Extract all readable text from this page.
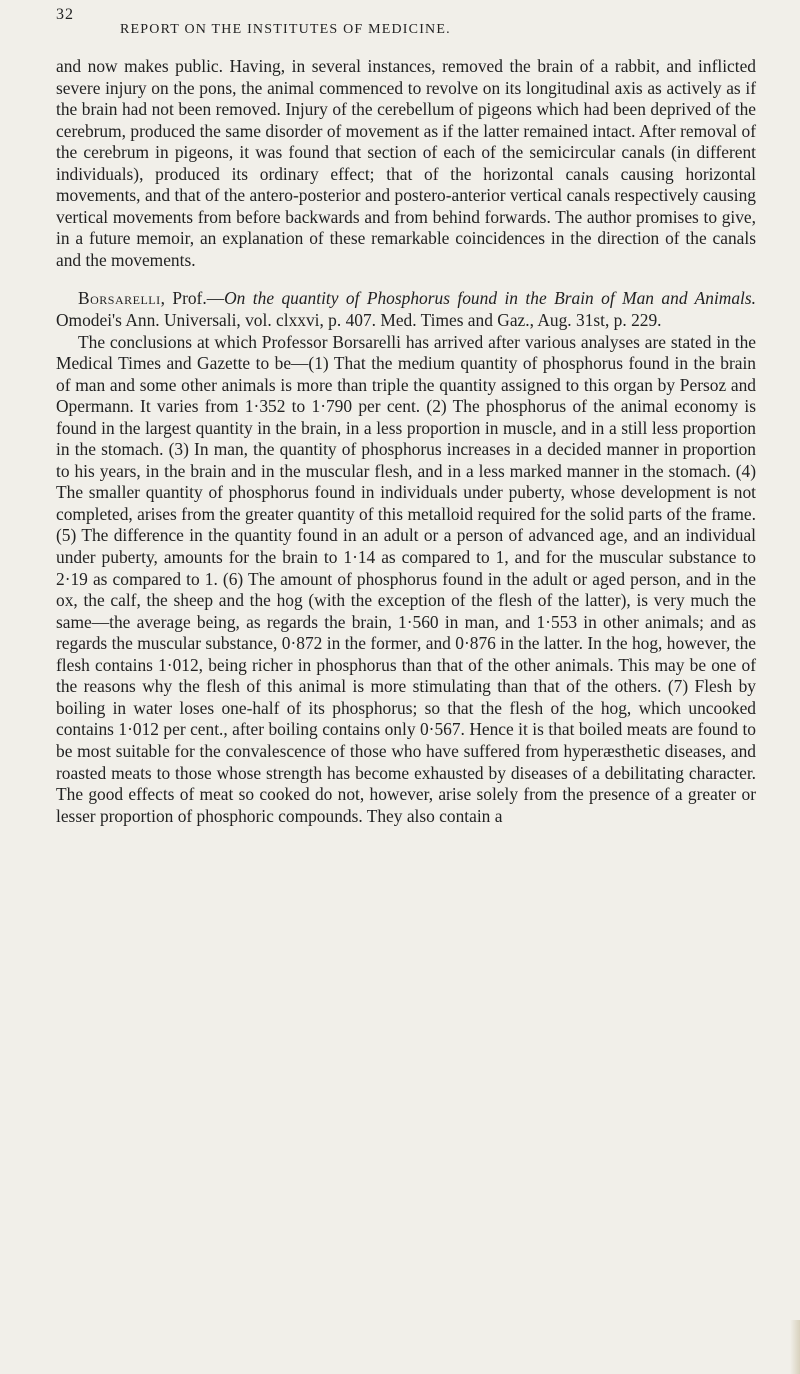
32
REPORT ON THE INSTITUTES OF MEDICINE.

and now makes public. Having, in several instances, removed the brain of a rabbit, and inflicted severe injury on the pons, the animal commenced to revolve on its longitudinal axis as actively as if the brain had not been removed. Injury of the cerebellum of pigeons which had been deprived of the cerebrum, produced the same disorder of movement as if the latter remained intact. After removal of the cerebrum in pigeons, it was found that section of each of the semicircular canals (in different individuals), produced its ordinary effect; that of the horizontal canals causing horizontal movements, and that of the antero-posterior and postero-anterior vertical canals respectively causing vertical movements from before backwards and from behind forwards. The author promises to give, in a future memoir, an explanation of these remarkable coincidences in the direction of the canals and the movements.

Borsarelli, Prof.—On the quantity of Phosphorus found in the Brain of Man and Animals. Omodei's Ann. Universali, vol. clxxvi, p. 407. Med. Times and Gaz., Aug. 31st, p. 229.

The conclusions at which Professor Borsarelli has arrived after various analyses are stated in the Medical Times and Gazette to be—(1) That the medium quantity of phosphorus found in the brain of man and some other animals is more than triple the quantity assigned to this organ by Persoz and Opermann. It varies from 1·352 to 1·790 per cent. (2) The phosphorus of the animal economy is found in the largest quantity in the brain, in a less proportion in muscle, and in a still less proportion in the stomach. (3) In man, the quantity of phosphorus increases in a decided manner in proportion to his years, in the brain and in the muscular flesh, and in a less marked manner in the stomach. (4) The smaller quantity of phosphorus found in individuals under puberty, whose development is not completed, arises from the greater quantity of this metalloid required for the solid parts of the frame. (5) The difference in the quantity found in an adult or a person of advanced age, and an individual under puberty, amounts for the brain to 1·14 as compared to 1, and for the muscular substance to 2·19 as compared to 1. (6) The amount of phosphorus found in the adult or aged person, and in the ox, the calf, the sheep and the hog (with the exception of the flesh of the latter), is very much the same—the average being, as regards the brain, 1·560 in man, and 1·553 in other animals; and as regards the muscular substance, 0·872 in the former, and 0·876 in the latter. In the hog, however, the flesh contains 1·012, being richer in phosphorus than that of the other animals. This may be one of the reasons why the flesh of this animal is more stimulating than that of the others. (7) Flesh by boiling in water loses one-half of its phosphorus; so that the flesh of the hog, which uncooked contains 1·012 per cent., after boiling contains only 0·567. Hence it is that boiled meats are found to be most suitable for the convalescence of those who have suffered from hyperæsthetic diseases, and roasted meats to those whose strength has become exhausted by diseases of a debilitating character. The good effects of meat so cooked do not, however, arise solely from the presence of a greater or lesser proportion of phosphoric compounds. They also contain a
